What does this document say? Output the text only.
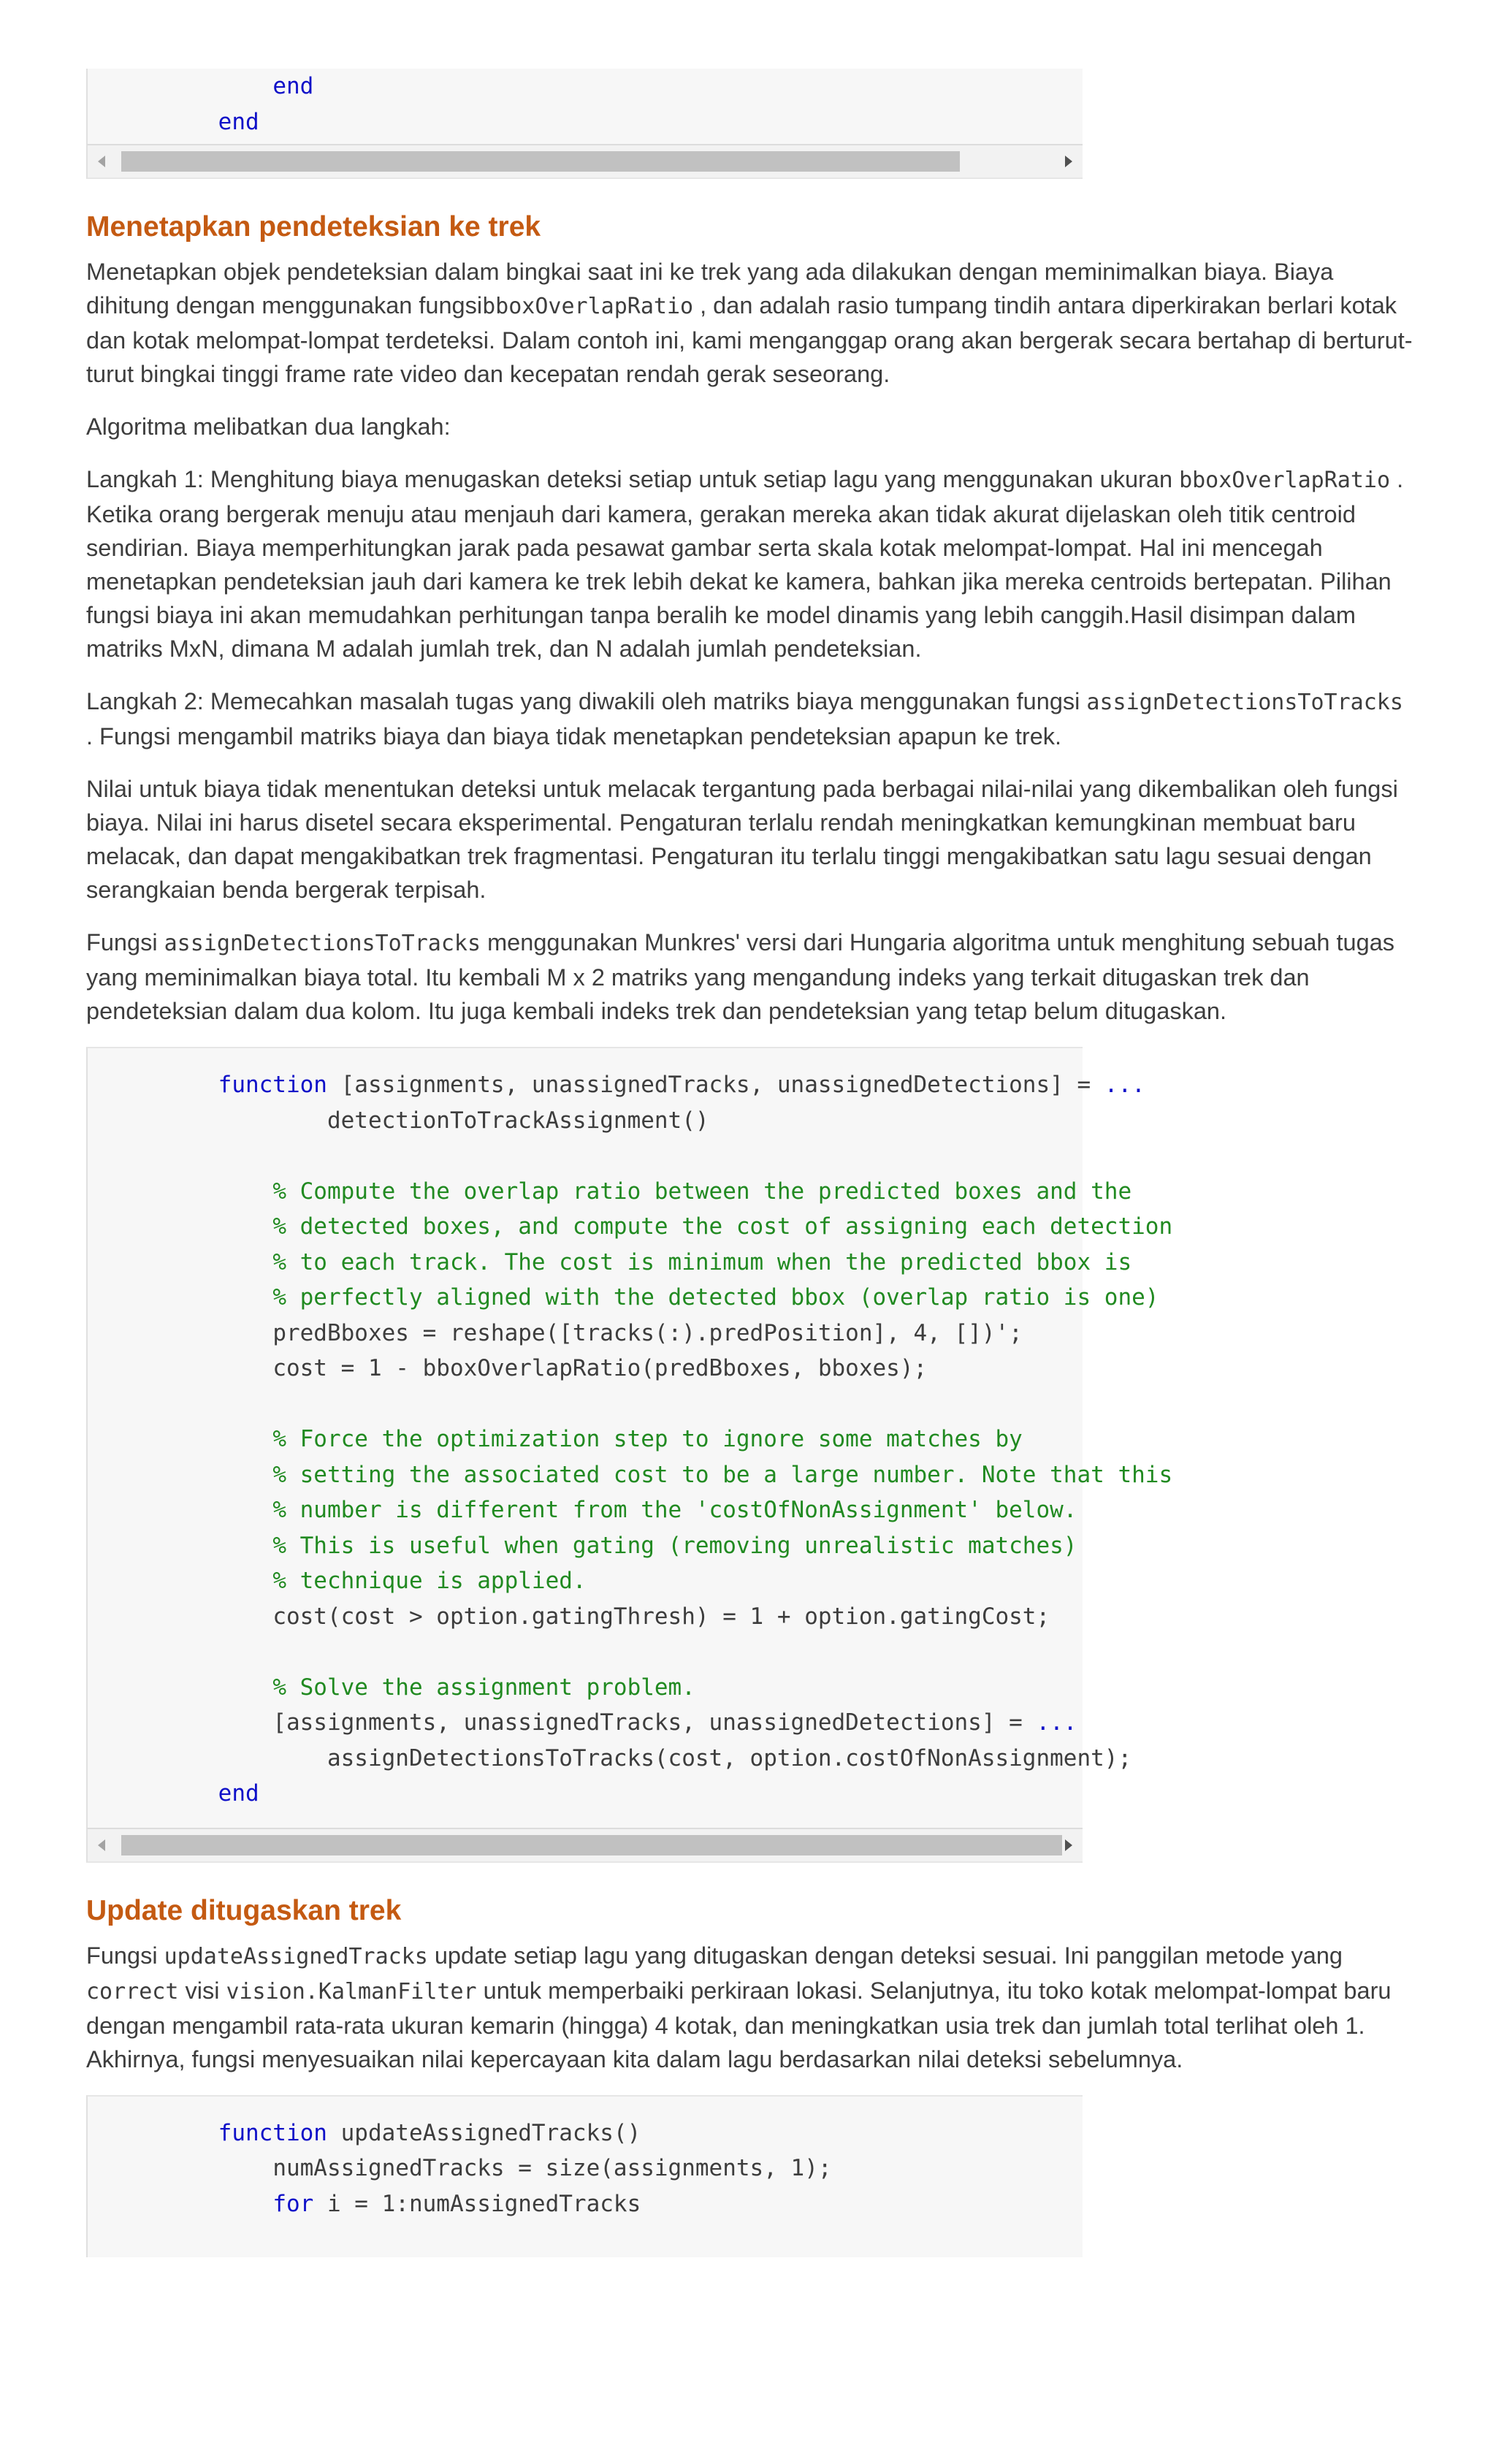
end
end
Menetapkan pendeteksian ke trek

Menetapkan objek pendeteksian dalam bingkai saat ini ke trek yang ada dilakukan dengan meminimalkan biaya. Biaya dihitung dengan menggunakan fungsibboxOverlapRatio , dan adalah rasio tumpang tindih antara diperkirakan berlari kotak dan kotak melompat-lompat terdeteksi. Dalam contoh ini, kami menganggap orang akan bergerak secara bertahap di berturut-turut bingkai tinggi frame rate video dan kecepatan rendah gerak seseorang.

Algoritma melibatkan dua langkah:

Langkah 1: Menghitung biaya menugaskan deteksi setiap untuk setiap lagu yang menggunakan ukuran bboxOverlapRatio . Ketika orang bergerak menuju atau menjauh dari kamera, gerakan mereka akan tidak akurat dijelaskan oleh titik centroid sendirian. Biaya memperhitungkan jarak pada pesawat gambar serta skala kotak melompat-lompat. Hal ini mencegah menetapkan pendeteksian jauh dari kamera ke trek lebih dekat ke kamera, bahkan jika mereka centroids bertepatan. Pilihan fungsi biaya ini akan memudahkan perhitungan tanpa beralih ke model dinamis yang lebih canggih.Hasil disimpan dalam matriks MxN, dimana M adalah jumlah trek, dan N adalah jumlah pendeteksian.

Langkah 2: Memecahkan masalah tugas yang diwakili oleh matriks biaya menggunakan fungsi assignDetectionsToTracks . Fungsi mengambil matriks biaya dan biaya tidak menetapkan pendeteksian apapun ke trek.

Nilai untuk biaya tidak menentukan deteksi untuk melacak tergantung pada berbagai nilai-nilai yang dikembalikan oleh fungsi biaya. Nilai ini harus disetel secara eksperimental. Pengaturan terlalu rendah meningkatkan kemungkinan membuat baru melacak, dan dapat mengakibatkan trek fragmentasi. Pengaturan itu terlalu tinggi mengakibatkan satu lagu sesuai dengan serangkaian benda bergerak terpisah.

Fungsi assignDetectionsToTracks menggunakan Munkres' versi dari Hungaria algoritma untuk menghitung sebuah tugas yang meminimalkan biaya total. Itu kembali M x 2 matriks yang mengandung indeks yang terkait ditugaskan trek dan pendeteksian dalam dua kolom. Itu juga kembali indeks trek dan pendeteksian yang tetap belum ditugaskan.

function [assignments, unassignedTracks, unassignedDetections] = ...
detectionToTrackAssignment()

% Compute the overlap ratio between the predicted boxes and the
% detected boxes, and compute the cost of assigning each detection
% to each track. The cost is minimum when the predicted bbox is
% perfectly aligned with the detected bbox (overlap ratio is one)
predBboxes = reshape([tracks(:).predPosition], 4, [])';
cost = 1 - bboxOverlapRatio(predBboxes, bboxes);

% Force the optimization step to ignore some matches by
% setting the associated cost to be a large number. Note that this
% number is different from the 'costOfNonAssignment' below.
% This is useful when gating (removing unrealistic matches)
% technique is applied.
cost(cost > option.gatingThresh) = 1 + option.gatingCost;

% Solve the assignment problem.
[assignments, unassignedTracks, unassignedDetections] = ...
assignDetectionsToTracks(cost, option.costOfNonAssignment);
end
Update ditugaskan trek

Fungsi updateAssignedTracks update setiap lagu yang ditugaskan dengan deteksi sesuai. Ini panggilan metode yang correct visi vision.KalmanFilter untuk memperbaiki perkiraan lokasi. Selanjutnya, itu toko kotak melompat-lompat baru dengan mengambil rata-rata ukuran kemarin (hingga) 4 kotak, dan meningkatkan usia trek dan jumlah total terlihat oleh 1. Akhirnya, fungsi menyesuaikan nilai kepercayaan kita dalam lagu berdasarkan nilai deteksi sebelumnya.

function updateAssignedTracks()
numAssignedTracks = size(assignments, 1);
for i = 1:numAssignedTracks
